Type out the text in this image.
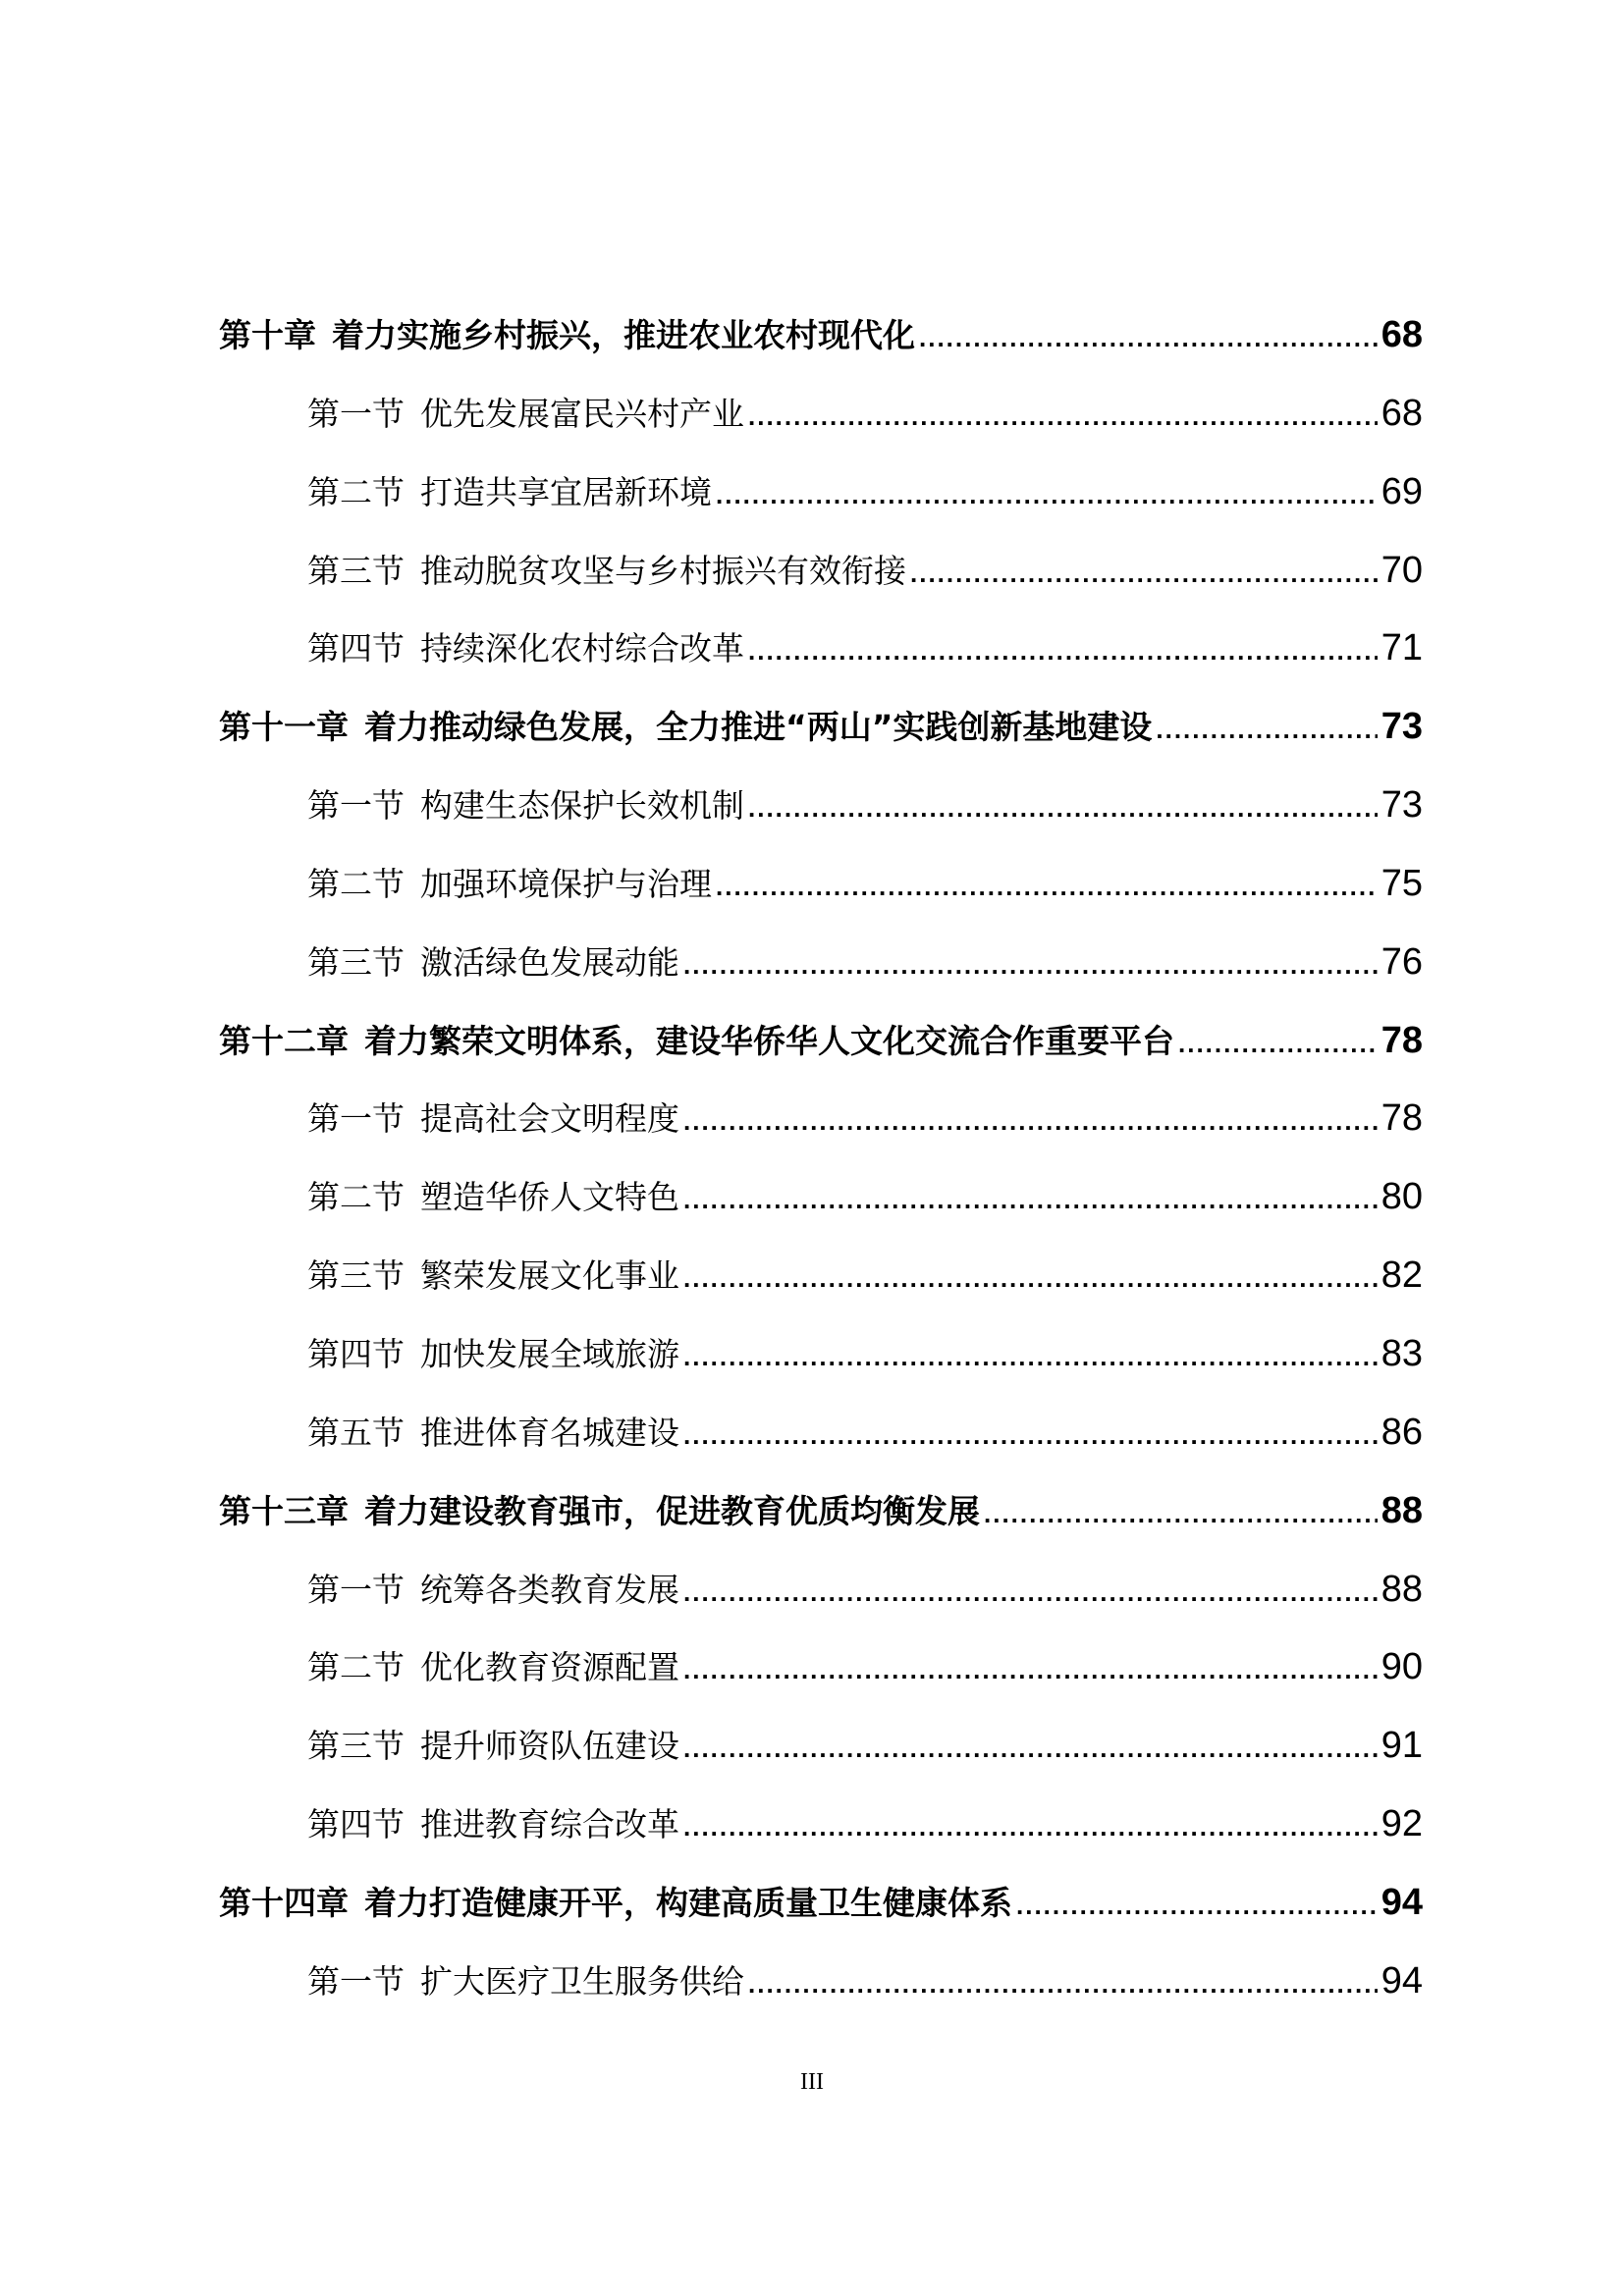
第十章 着力实施乡村振兴，推进农业农村现代化 .....	68
第一节 优先发展富民兴村产业 .....	68
第二节 打造共享宜居新环境 .....	69
第三节 推动脱贫攻坚与乡村振兴有效衔接 .....	70
第四节 持续深化农村综合改革 .....	71
第十一章 着力推动绿色发展，全力推进“两山”实践创新基地建设 .....	73
第一节 构建生态保护长效机制 .....	73
第二节 加强环境保护与治理 .....	75
第三节 激活绿色发展动能 .....	76
第十二章 着力繁荣文明体系，建设华侨华人文化交流合作重要平台 .....	78
第一节 提高社会文明程度 .....	78
第二节 塑造华侨人文特色 .....	80
第三节 繁荣发展文化事业 .....	82
第四节 加快发展全域旅游 .....	83
第五节 推进体育名城建设 .....	86
第十三章 着力建设教育强市，促进教育优质均衡发展 .....	88
第一节 统筹各类教育发展 .....	88
第二节 优化教育资源配置 .....	90
第三节 提升师资队伍建设 .....	91
第四节 推进教育综合改革 .....	92
第十四章 着力打造健康开平，构建高质量卫生健康体系 .....	94
第一节 扩大医疗卫生服务供给 .....	94
III
